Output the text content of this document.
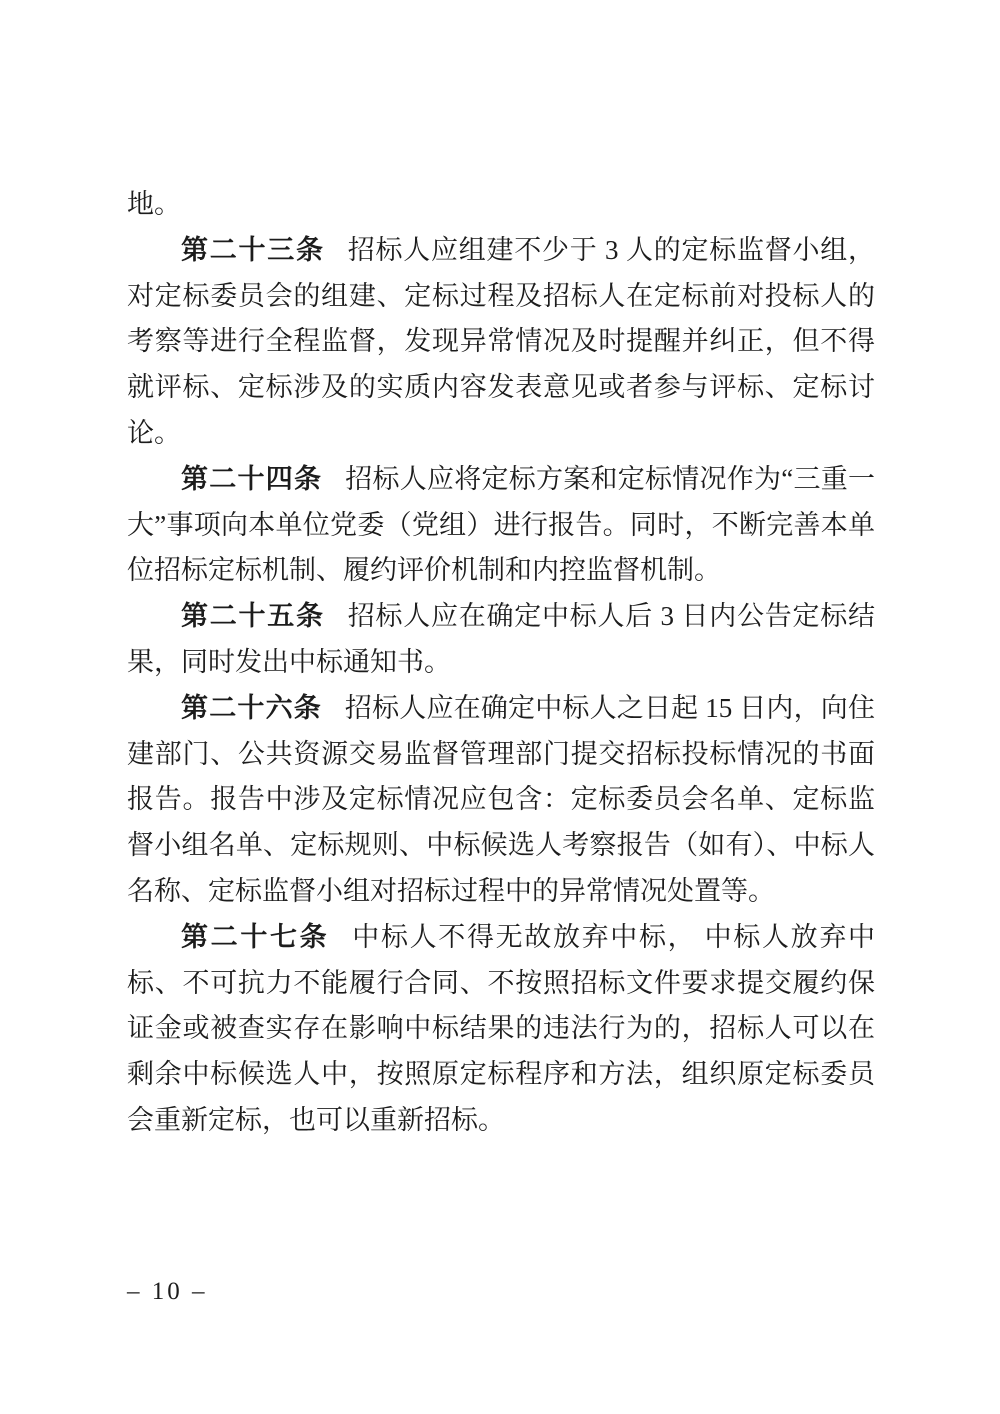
地。

第二十三条 招标人应组建不少于 3 人的定标监督小组，对定标委员会的组建、定标过程及招标人在定标前对投标人的考察等进行全程监督，发现异常情况及时提醒并纠正，但不得就评标、定标涉及的实质内容发表意见或者参与评标、定标讨论。

第二十四条 招标人应将定标方案和定标情况作为“三重一大”事项向本单位党委（党组）进行报告。同时，不断完善本单位招标定标机制、履约评价机制和内控监督机制。

第二十五条 招标人应在确定中标人后 3 日内公告定标结果，同时发出中标通知书。

第二十六条 招标人应在确定中标人之日起 15 日内，向住建部门、公共资源交易监督管理部门提交招标投标情况的书面报告。报告中涉及定标情况应包含：定标委员会名单、定标监督小组名单、定标规则、中标候选人考察报告（如有）、中标人名称、定标监督小组对招标过程中的异常情况处置等。

第二十七条 中标人不得无故放弃中标， 中标人放弃中标、不可抗力不能履行合同、不按照招标文件要求提交履约保证金或被查实存在影响中标结果的违法行为的，招标人可以在剩余中标候选人中，按照原定标程序和方法，组织原定标委员会重新定标，也可以重新招标。

– 10 –
